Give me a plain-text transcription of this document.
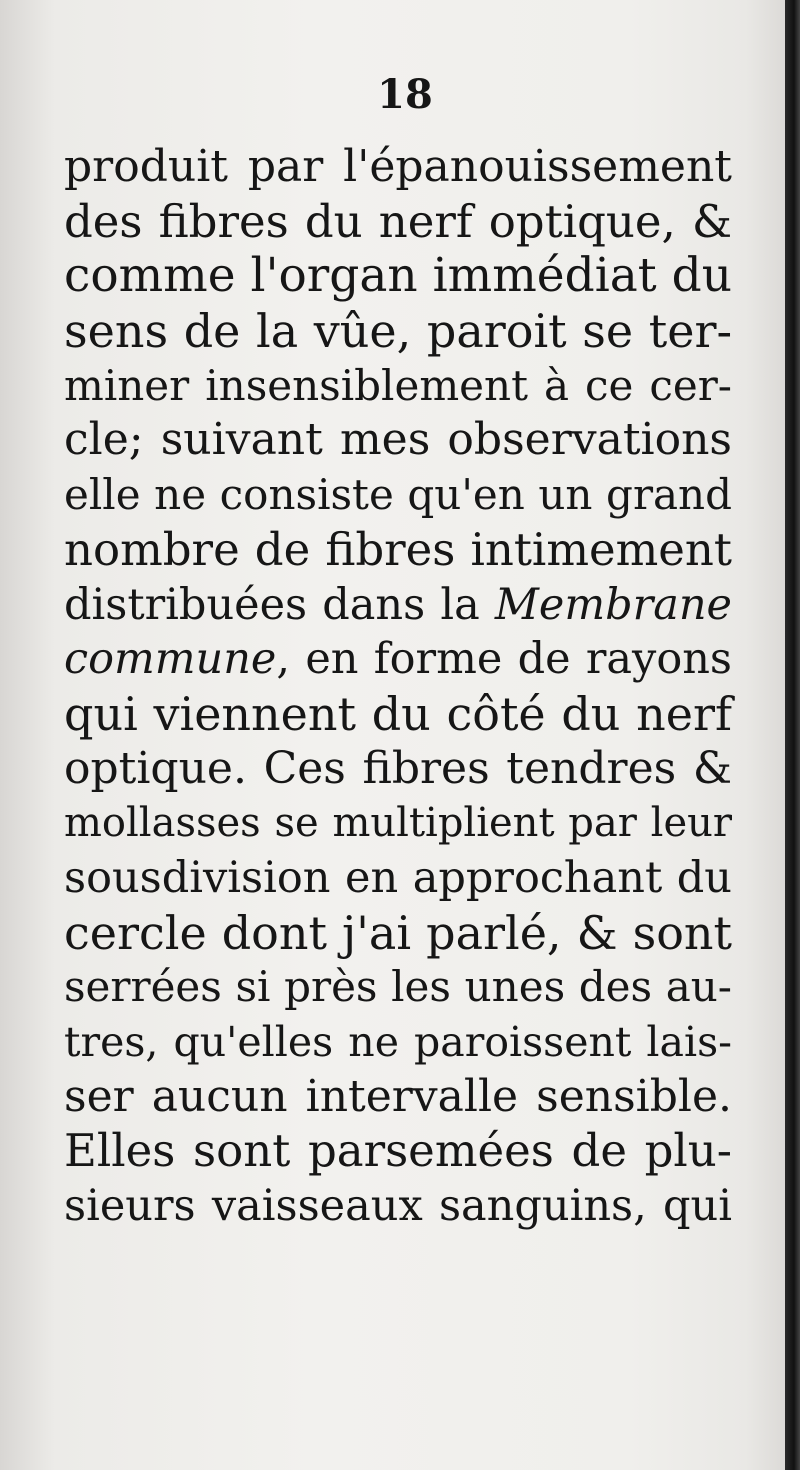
18
produit par l'épanouissement
des fibres du nerf optique, &
comme l'organ immédiat du
sens de la vûe, paroit se ter-
miner insensiblement à ce cer-
cle; suivant mes observations
elle ne consiste qu'en un grand
nombre de fibres intimement
distribuées dans la Membrane
commune, en forme de rayons
qui viennent du côté du nerf
optique. Ces fibres tendres &
mollasses se multiplient par leur
sousdivision en approchant du
cercle dont j'ai parlé, & sont
serrées si près les unes des au-
tres, qu'elles ne paroissent lais-
ser aucun intervalle sensible.
Elles sont parsemées de plu-
sieurs vaisseaux sanguins, qui
